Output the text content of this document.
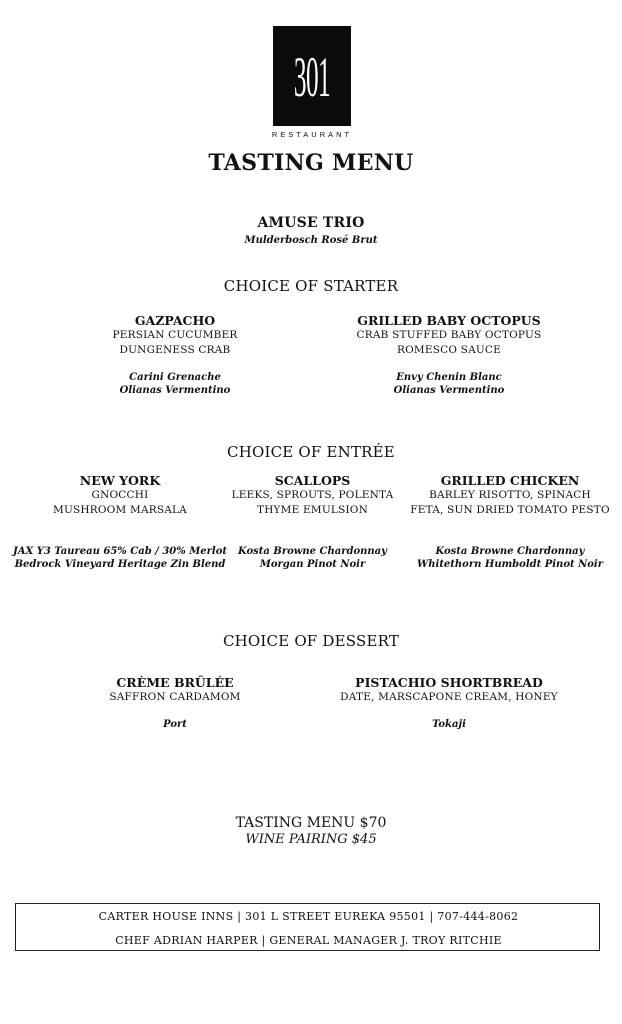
301
RESTAURANT
TASTING MENU
AMUSE TRIO
Mulderbosch Rosé Brut
CHOICE OF STARTER
GAZPACHO
PERSIAN CUCUMBER
DUNGENESS CRAB
Carini Grenache
Olianas Vermentino
GRILLED BABY OCTOPUS
CRAB STUFFED BABY OCTOPUS
ROMESCO SAUCE
Envy Chenin Blanc
Olianas Vermentino
CHOICE OF ENTRÉE
NEW YORK
GNOCCHI
MUSHROOM MARSALA
JAX Y3 Taureau 65% Cab / 30% Merlot
Bedrock Vineyard Heritage Zin Blend
SCALLOPS
LEEKS, SPROUTS, POLENTA
THYME EMULSION
Kosta Browne Chardonnay
Morgan Pinot Noir
GRILLED CHICKEN
BARLEY RISOTTO, SPINACH
FETA, SUN DRIED TOMATO PESTO
Kosta Browne Chardonnay
Whitethorn Humboldt Pinot Noir
CHOICE OF DESSERT
CRÈME BRÛLÉE
SAFFRON CARDAMOM
Port
PISTACHIO SHORTBREAD
DATE, MARSCAPONE CREAM, HONEY
Tokaji
TASTING MENU $70
WINE PAIRING $45
CARTER HOUSE INNS | 301 L STREET EUREKA 95501 | 707-444-8062
CHEF ADRIAN HARPER | GENERAL MANAGER J. TROY RITCHIE
